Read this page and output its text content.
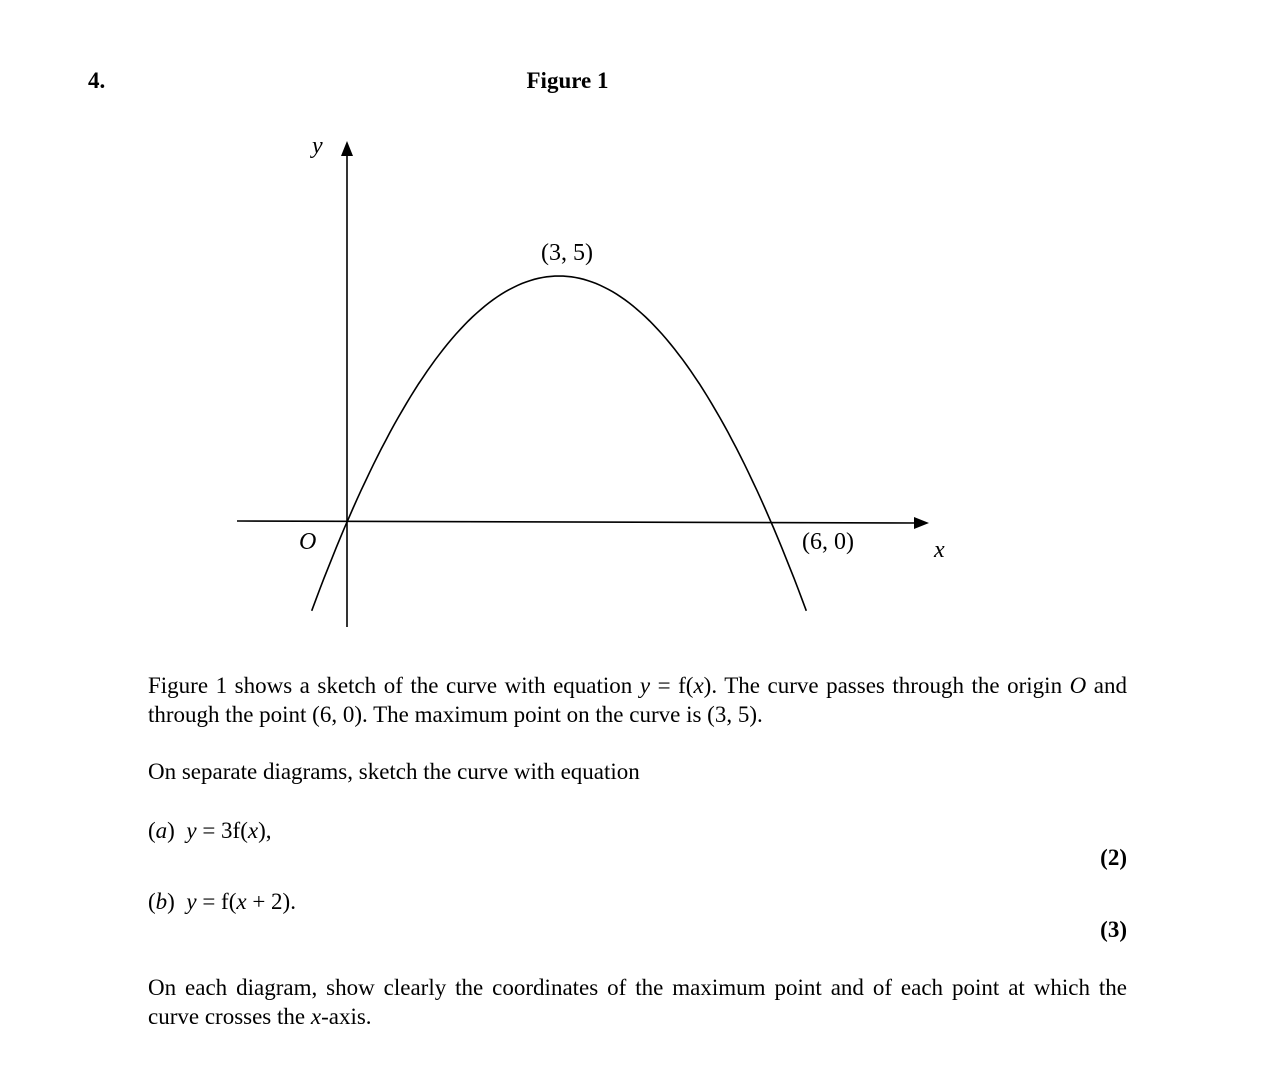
4.	Figure 1
y
x
O
(3, 5)
(6, 0)

Figure 1 shows a sketch of the curve with equation y = f(x). The curve passes through the origin O and through the point (6, 0). The maximum point on the curve is (3, 5).

On separate diagrams, sketch the curve with equation

(a) y = 3f(x),
(2)
(b) y = f(x + 2).
(3)

On each diagram, show clearly the coordinates of the maximum point and of each point at which the curve crosses the x-axis.
